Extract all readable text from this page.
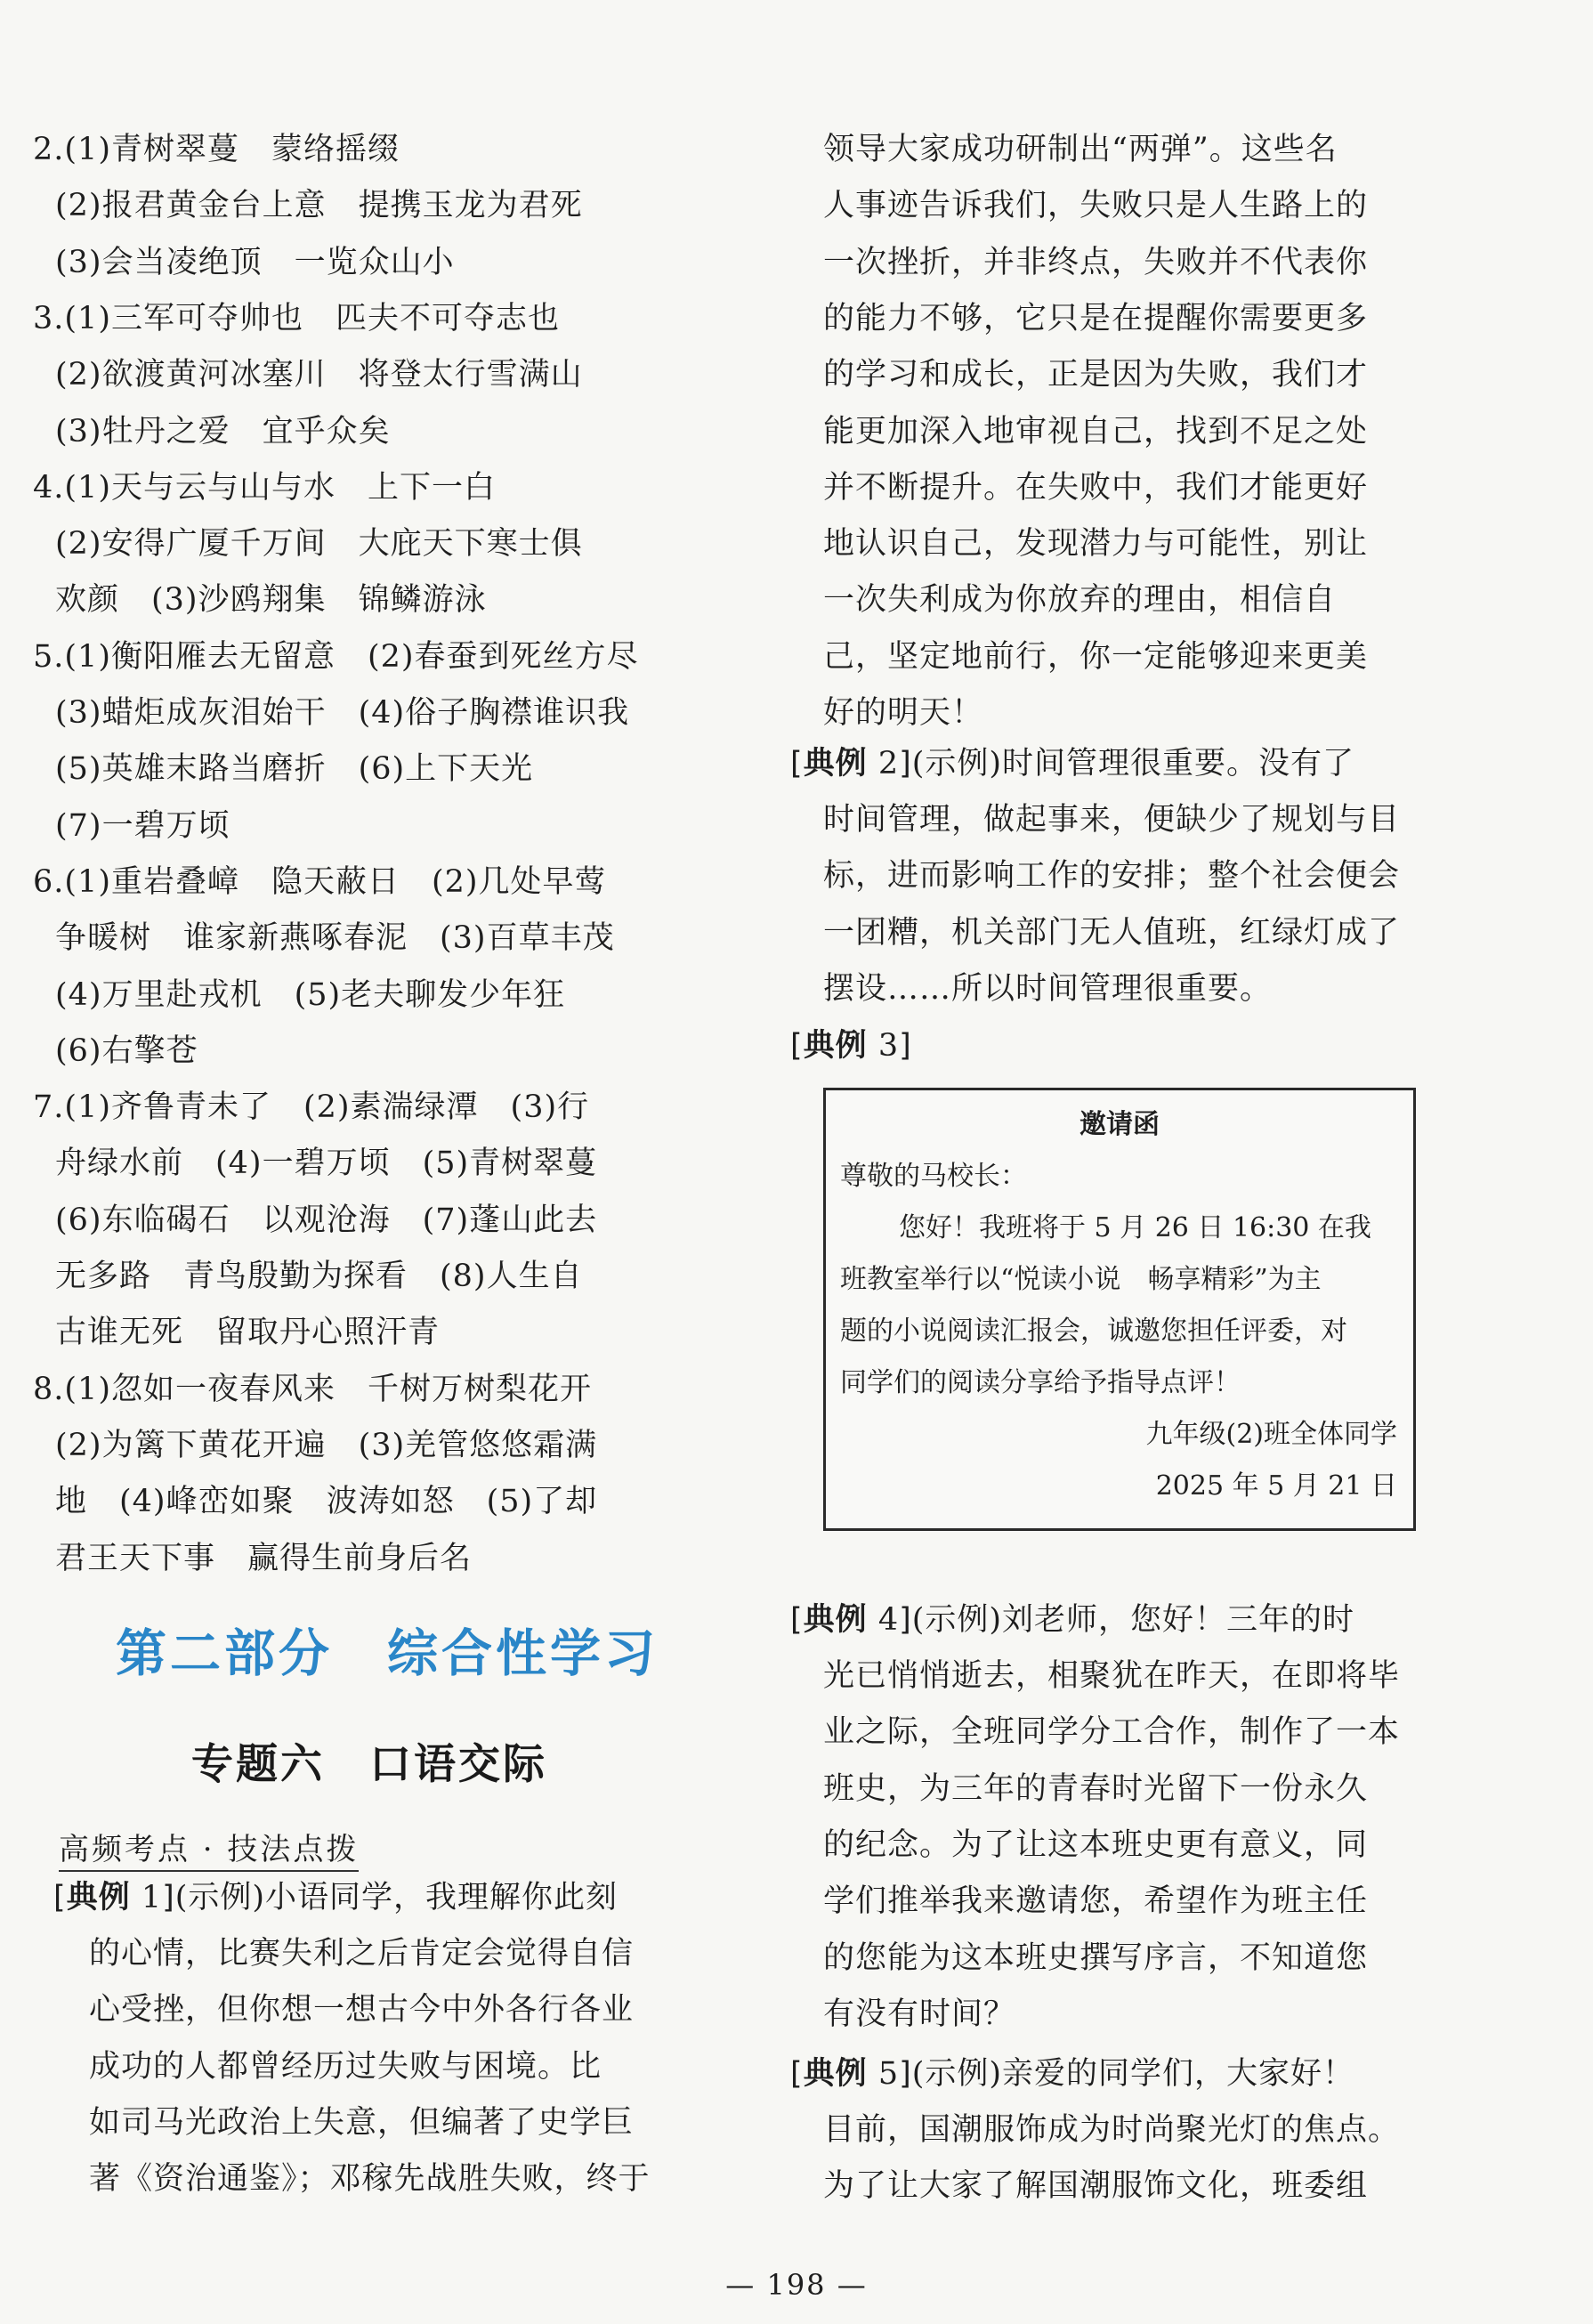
2.(1)青树翠蔓　蒙络摇缀
(2)报君黄金台上意　提携玉龙为君死
(3)会当凌绝顶　一览众山小
3.(1)三军可夺帅也　匹夫不可夺志也
(2)欲渡黄河冰塞川　将登太行雪满山
(3)牡丹之爱　宜乎众矣
4.(1)天与云与山与水　上下一白
(2)安得广厦千万间　大庇天下寒士俱
欢颜　(3)沙鸥翔集　锦鳞游泳
5.(1)衡阳雁去无留意　(2)春蚕到死丝方尽
(3)蜡炬成灰泪始干　(4)俗子胸襟谁识我
(5)英雄末路当磨折　(6)上下天光
(7)一碧万顷
6.(1)重岩叠嶂　隐天蔽日　(2)几处早莺
争暖树　谁家新燕啄春泥　(3)百草丰茂
(4)万里赴戎机　(5)老夫聊发少年狂
(6)右擎苍
7.(1)齐鲁青未了　(2)素湍绿潭　(3)行
舟绿水前　(4)一碧万顷　(5)青树翠蔓
(6)东临碣石　以观沧海　(7)蓬山此去
无多路　青鸟殷勤为探看　(8)人生自
古谁无死　留取丹心照汗青
8.(1)忽如一夜春风来　千树万树梨花开
(2)为篱下黄花开遍　(3)羌管悠悠霜满
地　(4)峰峦如聚　波涛如怒　(5)了却
君王天下事　赢得生前身后名
第二部分　综合性学习
专题六　口语交际
高频考点 · 技法点拨
[典例 1](示例)小语同学，我理解你此刻
的心情，比赛失利之后肯定会觉得自信
心受挫，但你想一想古今中外各行各业
成功的人都曾经历过失败与困境。比
如司马光政治上失意，但编著了史学巨
著《资治通鉴》；邓稼先战胜失败，终于
领导大家成功研制出“两弹”。这些名
人事迹告诉我们，失败只是人生路上的
一次挫折，并非终点，失败并不代表你
的能力不够，它只是在提醒你需要更多
的学习和成长，正是因为失败，我们才
能更加深入地审视自己，找到不足之处
并不断提升。在失败中，我们才能更好
地认识自己，发现潜力与可能性，别让
一次失利成为你放弃的理由，相信自
己，坚定地前行，你一定能够迎来更美
好的明天！
[典例 2](示例)时间管理很重要。没有了
时间管理，做起事来，便缺少了规划与目
标，进而影响工作的安排；整个社会便会
一团糟，机关部门无人值班，红绿灯成了
摆设……所以时间管理很重要。
[典例 3]
邀请函
尊敬的马校长：
您好！我班将于 5 月 26 日 16:30 在我
班教室举行以“悦读小说　畅享精彩”为主
题的小说阅读汇报会，诚邀您担任评委，对
同学们的阅读分享给予指导点评！
九年级(2)班全体同学
2025 年 5 月 21 日
[典例 4](示例)刘老师，您好！三年的时
光已悄悄逝去，相聚犹在昨天，在即将毕
业之际，全班同学分工合作，制作了一本
班史，为三年的青春时光留下一份永久
的纪念。为了让这本班史更有意义，同
学们推举我来邀请您，希望作为班主任
的您能为这本班史撰写序言，不知道您
有没有时间？
[典例 5](示例)亲爱的同学们，大家好！
目前，国潮服饰成为时尚聚光灯的焦点。
为了让大家了解国潮服饰文化，班委组
— 198 —
